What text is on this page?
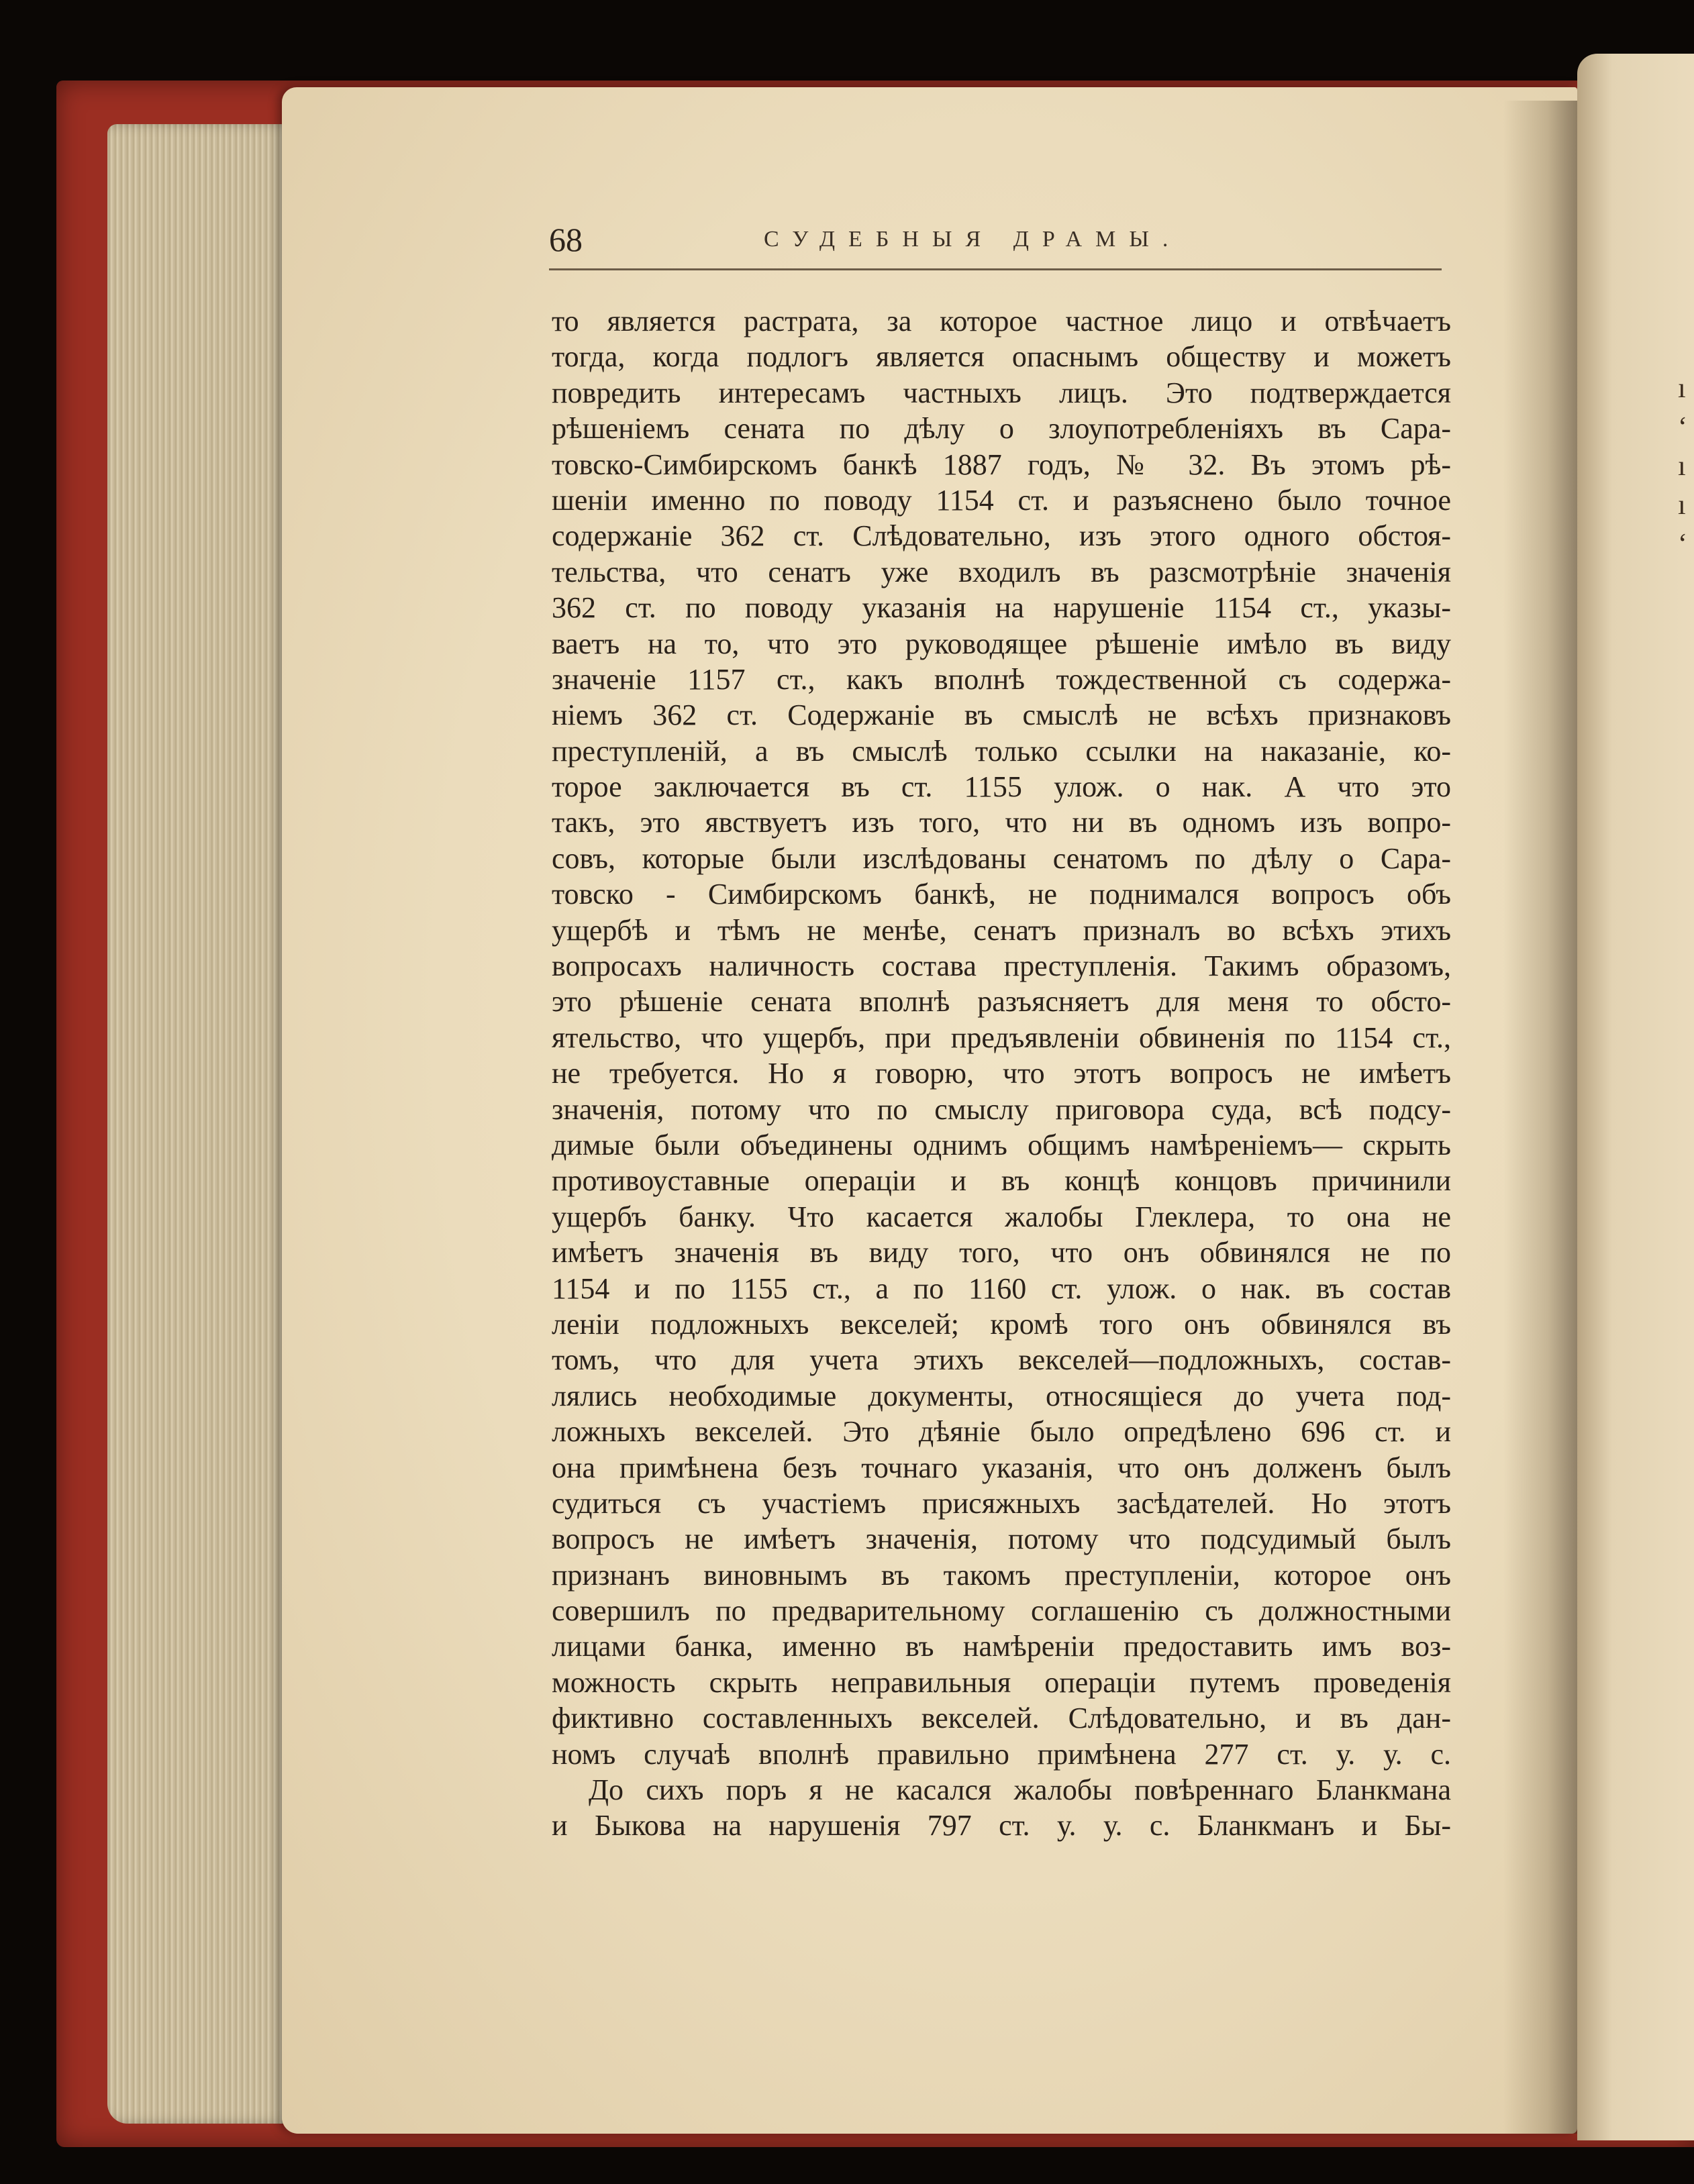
ı
‘
ı
ı
‘
68	СУДЕБНЫЯ ДРАМЫ.
то является растрата, за которое частное лицо и отвѣчаетъ
тогда, когда подлогъ является опаснымъ обществу и можетъ
повредить интересамъ частныхъ лицъ. Это подтверждается
рѣшеніемъ сената по дѣлу о злоупотребленіяхъ въ Сара-
товско-Симбирскомъ банкѣ 1887 годъ, № 32. Въ этомъ рѣ-
шеніи именно по поводу 1154 ст. и разъяснено было точное
содержаніе 362 ст. Слѣдовательно, изъ этого одного обстоя-
тельства, что сенатъ уже входилъ въ разсмотрѣніе значенія
362 ст. по поводу указанія на нарушеніе 1154 ст., указы-
ваетъ на то, что это руководящее рѣшеніе имѣло въ виду
значеніе 1157 ст., какъ вполнѣ тождественной съ содержа-
ніемъ 362 ст. Содержаніе въ смыслѣ не всѣхъ признаковъ
преступленій, а въ смыслѣ только ссылки на наказаніе, ко-
торое заключается въ ст. 1155 улож. о нак. А что это
такъ, это явствуетъ изъ того, что ни въ одномъ изъ вопро-
совъ, которые были изслѣдованы сенатомъ по дѣлу о Сара-
товско - Симбирскомъ банкѣ, не поднимался вопросъ объ
ущербѣ и тѣмъ не менѣе, сенатъ призналъ во всѣхъ этихъ
вопросахъ наличность состава преступленія. Такимъ образомъ,
это рѣшеніе сената вполнѣ разъясняетъ для меня то обсто-
ятельство, что ущербъ, при предъявленіи обвиненія по 1154 ст.,
не требуется. Но я говорю, что этотъ вопросъ не имѣетъ
значенія, потому что по смыслу приговора суда, всѣ подсу-
димые были объединены однимъ общимъ намѣреніемъ— скрыть
противоуставные операціи и въ концѣ концовъ причинили
ущербъ банку. Что касается жалобы Глеклера, то она не
имѣетъ значенія въ виду того, что онъ обвинялся не по
1154 и по 1155 ст., а по 1160 ст. улож. о нак. въ состав
леніи подложныхъ векселей; кромѣ того онъ обвинялся въ
томъ, что для учета этихъ векселей—подложныхъ, состав-
лялись необходимые документы, относящіеся до учета под-
ложныхъ векселей. Это дѣяніе было опредѣлено 696 ст. и
она примѣнена безъ точнаго указанія, что онъ долженъ былъ
судиться съ участіемъ присяжныхъ засѣдателей. Но этотъ
вопросъ не имѣетъ значенія, потому что подсудимый былъ
признанъ виновнымъ въ такомъ преступленіи, которое онъ
совершилъ по предварительному соглашенію съ должностными
лицами банка, именно въ намѣреніи предоставить имъ воз-
можность скрыть неправильныя операціи путемъ проведенія
фиктивно составленныхъ векселей. Слѣдовательно, и въ дан-
номъ случаѣ вполнѣ правильно примѣнена 277 ст. у. у. с.
До сихъ поръ я не касался жалобы повѣреннаго Бланкмана
и Быкова на нарушенія 797 ст. у. у. с. Бланкманъ и Бы-
